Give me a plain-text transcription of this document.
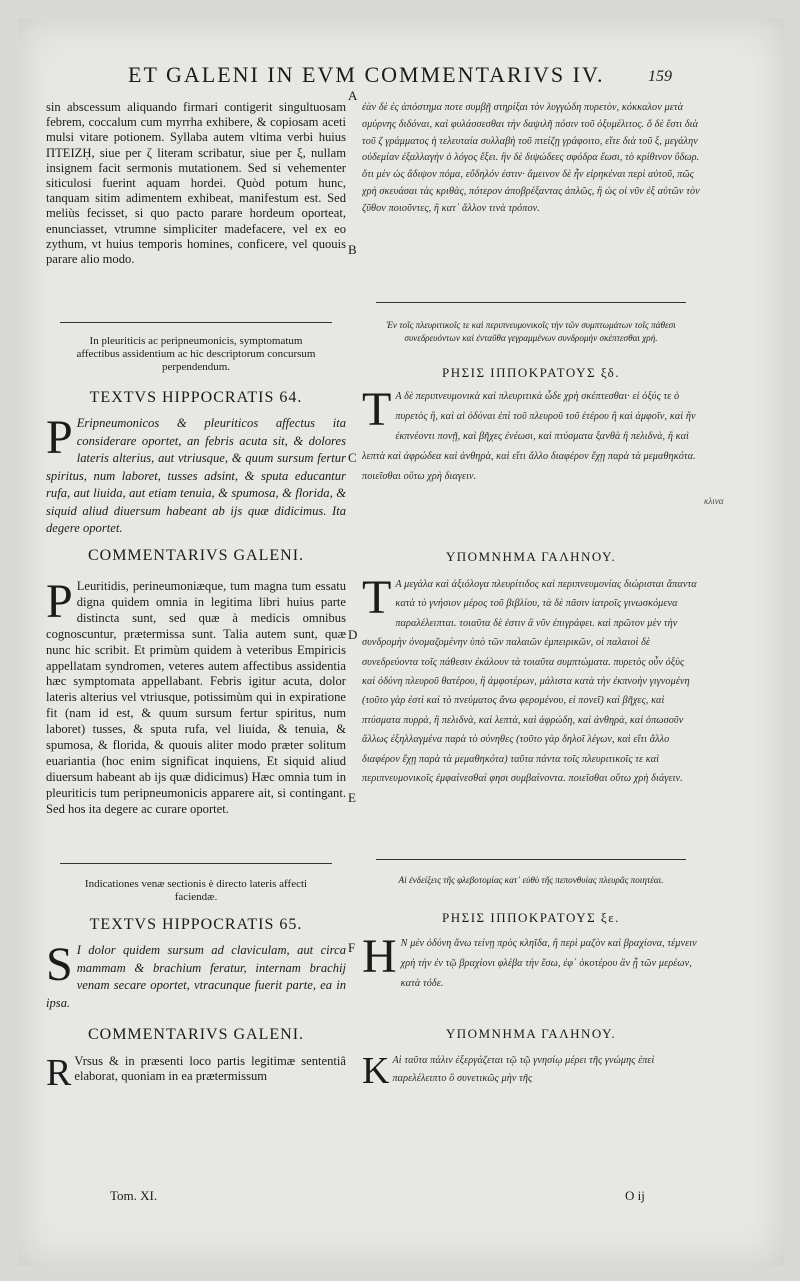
ET GALENI IN EVM COMMENTARIVS IV.	159

sin abscessum aliquando firmari contigerit singultuosam febrem, coccalum cum myrrha exhibere, & copiosam aceti mulsi vitare potionem. Syllaba autem vltima verbi huius ΠΤΕΙΖῌ, siue per ζ literam scribatur, siue per ξ, nullam insignem facit sermonis mutationem. Sed si vehementer siticulosi fuerint aquam hordei. Quòd potum hunc, tanquam sitim adimentem exhibeat, manifestum est. Sed meliùs fecisset, si quo pacto parare hordeum oporteat, enunciasset, vtrumne simpliciter madefacere, vel ex eo zythum, vt huius temporis homines, conficere, vel quouis parare alio modo.

In pleuriticis ac peripneumonicis, symptomatum affectibus assidentium ac hic descriptorum concursum perpendendum.

TEXTVS HIPPOCRATIS 64.

P Eripneumonicos & pleuriticos affectus ita considerare oportet, an febris acuta sit, & dolores lateris alterius, aut vtriusque, & quum sursum fertur spiritus, num laboret, tusses adsint, & sputa educantur rufa, aut liuida, aut etiam tenuia, & spumosa, & florida, & siquid aliud diuersum habeant ab ijs quæ didicimus. Ita degere oportet.

COMMENTARIVS GALENI.

P Leuritidis, perineumoniæque, tum magna tum essatu digna quidem omnia in legitima libri huius parte distincta sunt, sed quæ à medicis omnibus cognoscuntur, prætermissa sunt. Talia autem sunt, quæ nunc hic scribit. Et primùm quidem à veteribus Empiricis appellatam syndromen, veteres autem affectibus assidentia hæc symptomata appellabant. Febris igitur acuta, dolor lateris alterius vel vtriusque, potissimùm qui in expiratione fit (nam id est, & quum sursum fertur spiritus, num laboret) tusses, & sputa rufa, vel liuida, & tenuia, & spumosa, & florida, & quouis aliter modo præter solitum euariantia (hoc enim significat inquiens, Et siquid aliud diuersum habeant ab ijs quæ didicimus) Hæc omnia tum in pleuriticis tum peripneumonicis apparere ait, si contingant. Sed hos ita degere ac curare oportet.

Indicationes venæ sectionis è directo lateris affecti faciendæ.

TEXTVS HIPPOCRATIS 65.

S I dolor quidem sursum ad claviculam, aut circa mammam & brachium feratur, internam brachij venam secare oportet, vtracunque fuerit parte, ea in ipsa.

COMMENTARIVS GALENI.

R Vrsus & in præsenti loco partis legitimæ sententiâ elaborat, quoniam in ea prætermissum

A
B
C
D
E
F
κλινα

ἐὰν δὲ ἐς ἀπόστημα ποτε συμβῇ στηρίξαι τὸν λυγγώδη πυρετὸν, κόκκαλον μετὰ σμύρνης διδόναι, καὶ φυλάσσεσθαι τὴν δαψιλῆ πόσιν τοῦ ὀξυμέλιτος. ὅ δὲ ἔστι διὰ τοῦ ζ γράμματος ἡ τελευταία συλλαβὴ τοῦ πτείζῃ γράφοιτο, εἴτε διὰ τοῦ ξ, μεγάλην οὐδεμίαν ἐξαλλαγὴν ὁ λόγος ἔξει. ἢν δὲ διψώδεες σφόδρα ἔωσι, τὸ κρίθινον ὕδωρ. ὅτι μὲν ὡς ἄδιψον πόμα, εὔδηλόν ἐστιν· ἄμεινον δὲ ἦν εἰρηκέναι περὶ αὐτοῦ, πῶς χρὴ σκευάσαι τὰς κριθὰς, πότερον ἀποβρέξαντας ἁπλῶς, ἢ ὡς οἱ νῦν ἐξ αὐτῶν τὸν ζῦθον ποιοῦντες, ἢ κατ᾽ ἄλλον τινὰ τρόπον.

Ἐν τοῖς πλευριτικοῖς τε καὶ περιπνευμονικοῖς τὴν τῶν συμπτωμάτων τοῖς πάθεσι συνεδρευόντων καὶ ἐνταῦθα γεγραμμένων συνδρομὴν σκέπτεσθαι χρή.

ΡΗΣΙΣ ΙΠΠΟΚΡΑΤΟΥΣ ξδ.

T Α δὲ περιπνευμονικὰ καὶ πλευριτικὰ ὧδε χρὴ σκέπτεσθαι· εἰ ὀξύς τε ὁ πυρετὸς ἢ, καὶ αἱ ὀδύναι ἐπὶ τοῦ πλευροῦ τοῦ ἑτέρου ἢ καὶ ἀμφοῖν, καὶ ἢν ἐκπνέοντι πονῇ, καὶ βῆχες ἐνέωσι, καὶ πτύσματα ξανθὰ ἢ πελιδνὰ, ἢ καὶ λεπτὰ καὶ ἀφρώδεα καὶ ἀνθηρὰ, καὶ εἴτι ἄλλο διαφέρον ἔχῃ παρὰ τὰ μεμαθηκότα. ποιεῖσθαι οὕτω χρὴ διαγειν.

ΥΠΟΜΝΗΜΑ ΓΑΛΗΝΟΥ.

T Α μεγάλα καὶ ἀξιόλογα πλευρίτιδος καὶ περιπνευμονίας διώρισται ἅπαντα κατὰ τὸ γνήσιον μέρος τοῦ βιβλίου, τὰ δὲ πᾶσιν ἰατροῖς γινωσκόμενα παραλέλειπται. τοιαῦτα δὲ ἐστιν ἃ νῦν ἐπιγράφει. καὶ πρῶτον μὲν τὴν συνδρομὴν ὀνομαζομένην ὑπὸ τῶν παλαιῶν ἐμπειρικῶν, οἱ παλαιοὶ δὲ συνεδρεύοντα τοῖς πάθεσιν ἐκάλουν τὰ τοιαῦτα συμπτώματα. πυρετὸς οὖν ὀξὺς καὶ ὀδύνη πλευροῦ θατέρου, ἢ ἀμφοτέρων, μάλιστα κατὰ τὴν ἐκπνοὴν γιγνομένη (τοῦτο γὰρ ἐστὶ καὶ τὸ πνεύματος ἄνω φερομένου, εἰ πονεῖ) καὶ βῆχες, καὶ πτύσματα πυρρὰ, ἢ πελιδνὰ, καὶ λεπτὰ, καὶ ἀφρώδη, καὶ ἀνθηρὰ, καὶ ὁπωσοῦν ἄλλως ἐξηλλαγμένα παρὰ τὸ σύνηθες (τοῦτο γὰρ δηλοῖ λέγων, καὶ εἴτι ἄλλο διαφέρον ἔχῃ παρὰ τὰ μεμαθηκότα) ταῦτα πάντα τοῖς πλευριτικοῖς τε καὶ περιπνευμονικοῖς ἐμφαίνεσθαί φησι συμβαίνοντα. ποιεῖσθαι οὕτω χρὴ διάγειν.

Αἱ ἐνδείξεις τῆς φλεβοτομίας κατ᾽ εὐθὺ τῆς πεπονθυίας πλευρᾶς ποιητέαι.

ΡΗΣΙΣ ΙΠΠΟΚΡΑΤΟΥΣ ξε.

H Ν μὲν ὀδύνη ἄνω τείνῃ πρὸς κληῖδα, ἢ περὶ μαζὸν καὶ βραχίονα, τέμνειν χρὴ τὴν ἐν τῷ βραχίονι φλέβα τὴν ἔσω, ἐφ᾽ ὁκοτέρου ἂν ᾖ τῶν μερέων, κατὰ τόδε.

ΥΠΟΜΝΗΜΑ ΓΑΛΗΝΟΥ.

K Αὶ ταῦτα πάλιν ἐξεργάζεται τῷ τῷ γνησίῳ μέρει τῆς γνώμης ἐπεὶ παρελέλειπτο ὃ συνετικῶς μὴν τῆς

Tom. XI.	O ij
